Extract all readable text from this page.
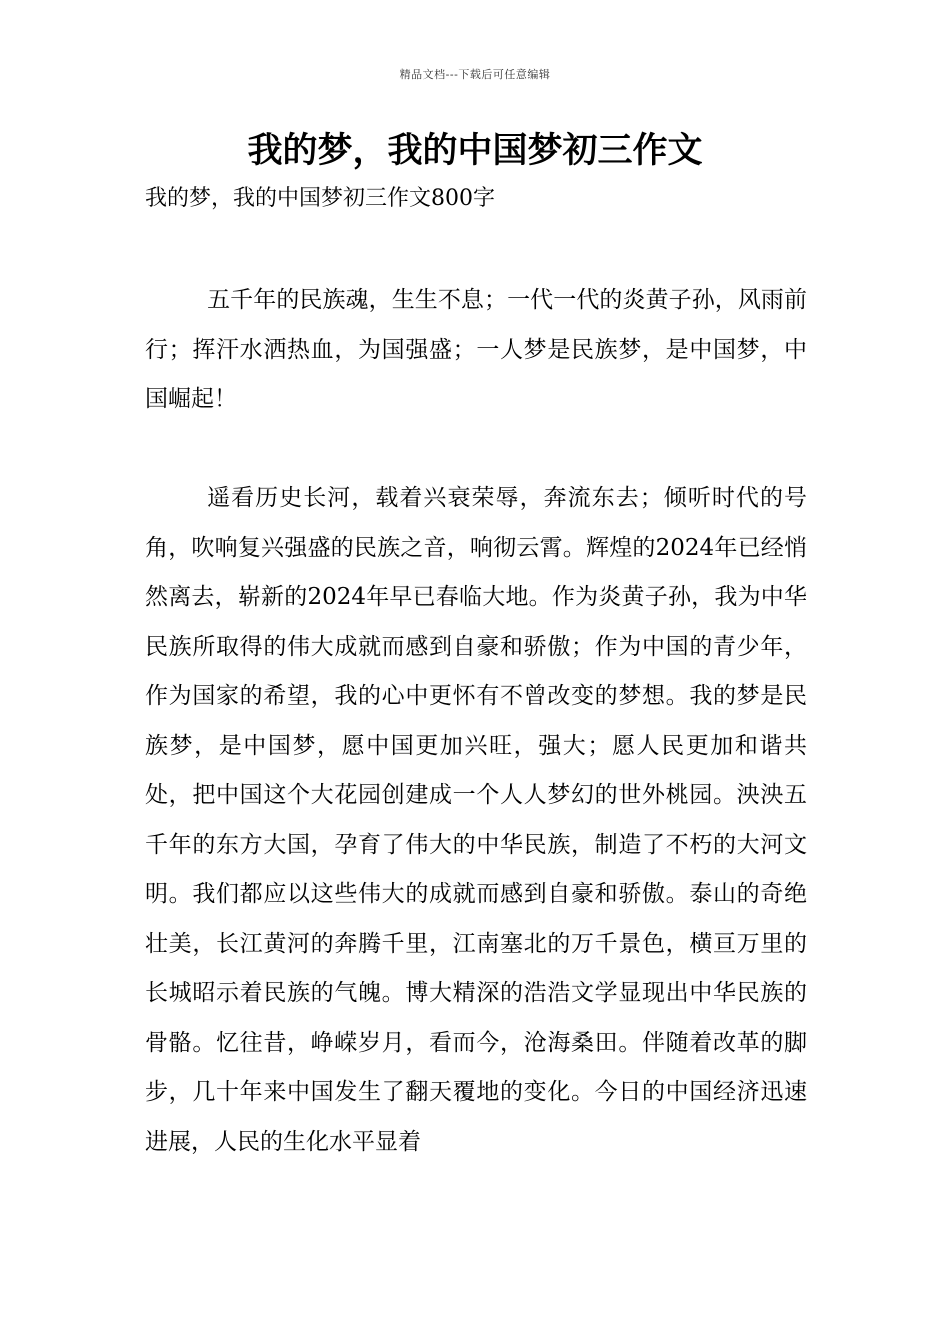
精品文档---下载后可任意编辑
我的梦，我的中国梦初三作文

我的梦，我的中国梦初三作文800字

五千年的民族魂，生生不息；一代一代的炎黄子孙，风雨前行；挥汗水洒热血，为国强盛；一人梦是民族梦，是中国梦，中国崛起！

遥看历史长河，载着兴衰荣辱，奔流东去；倾听时代的号角，吹响复兴强盛的民族之音，响彻云霄。辉煌的2024年已经悄然离去，崭新的2024年早已春临大地。作为炎黄子孙，我为中华民族所取得的伟大成就而感到自豪和骄傲；作为中国的青少年，作为国家的希望，我的心中更怀有不曾改变的梦想。我的梦是民族梦，是中国梦，愿中国更加兴旺，强大；愿人民更加和谐共处，把中国这个大花园创建成一个人人梦幻的世外桃园。泱泱五千年的东方大国，孕育了伟大的中华民族，制造了不朽的大河文明。我们都应以这些伟大的成就而感到自豪和骄傲。泰山的奇绝壮美，长江黄河的奔腾千里，江南塞北的万千景色，横亘万里的长城昭示着民族的气魄。博大精深的浩浩文学显现出中华民族的骨骼。忆往昔，峥嵘岁月，看而今，沧海桑田。伴随着改革的脚步，几十年来中国发生了翻天覆地的变化。今日的中国经济迅速进展，人民的生化水平显着
